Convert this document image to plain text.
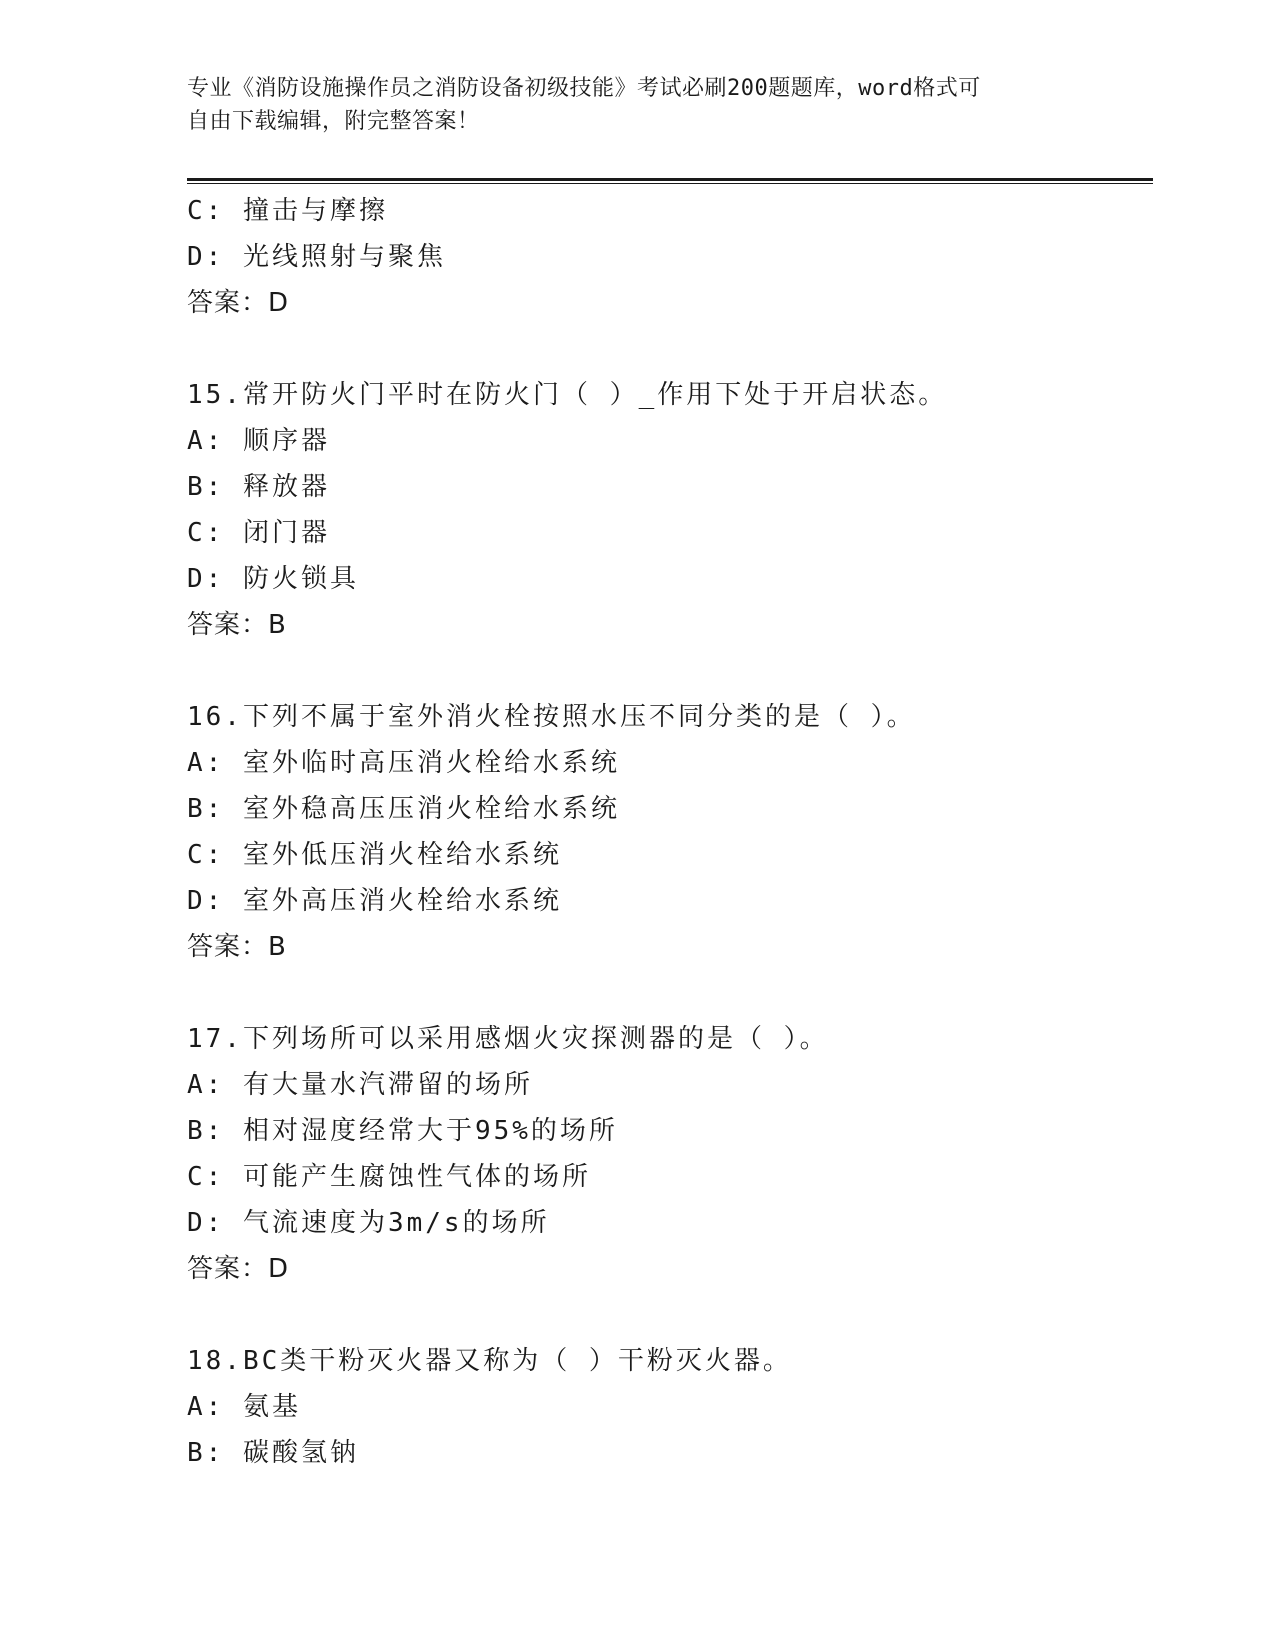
专业《消防设施操作员之消防设备初级技能》考试必刷200题题库，word格式可
自由下载编辑，附完整答案！
C: 撞击与摩擦
D: 光线照射与聚焦
答案：D
15.常开防火门平时在防火门（ ）_作用下处于开启状态。
A: 顺序器
B: 释放器
C: 闭门器
D: 防火锁具
答案：B
16.下列不属于室外消火栓按照水压不同分类的是（ ）。
A: 室外临时高压消火栓给水系统
B: 室外稳高压压消火栓给水系统
C: 室外低压消火栓给水系统
D: 室外高压消火栓给水系统
答案：B
17.下列场所可以采用感烟火灾探测器的是（ ）。
A: 有大量水汽滞留的场所
B: 相对湿度经常大于95%的场所
C: 可能产生腐蚀性气体的场所
D: 气流速度为3m/s的场所
答案：D
18.BC类干粉灭火器又称为（ ）干粉灭火器。
A: 氨基
B: 碳酸氢钠
